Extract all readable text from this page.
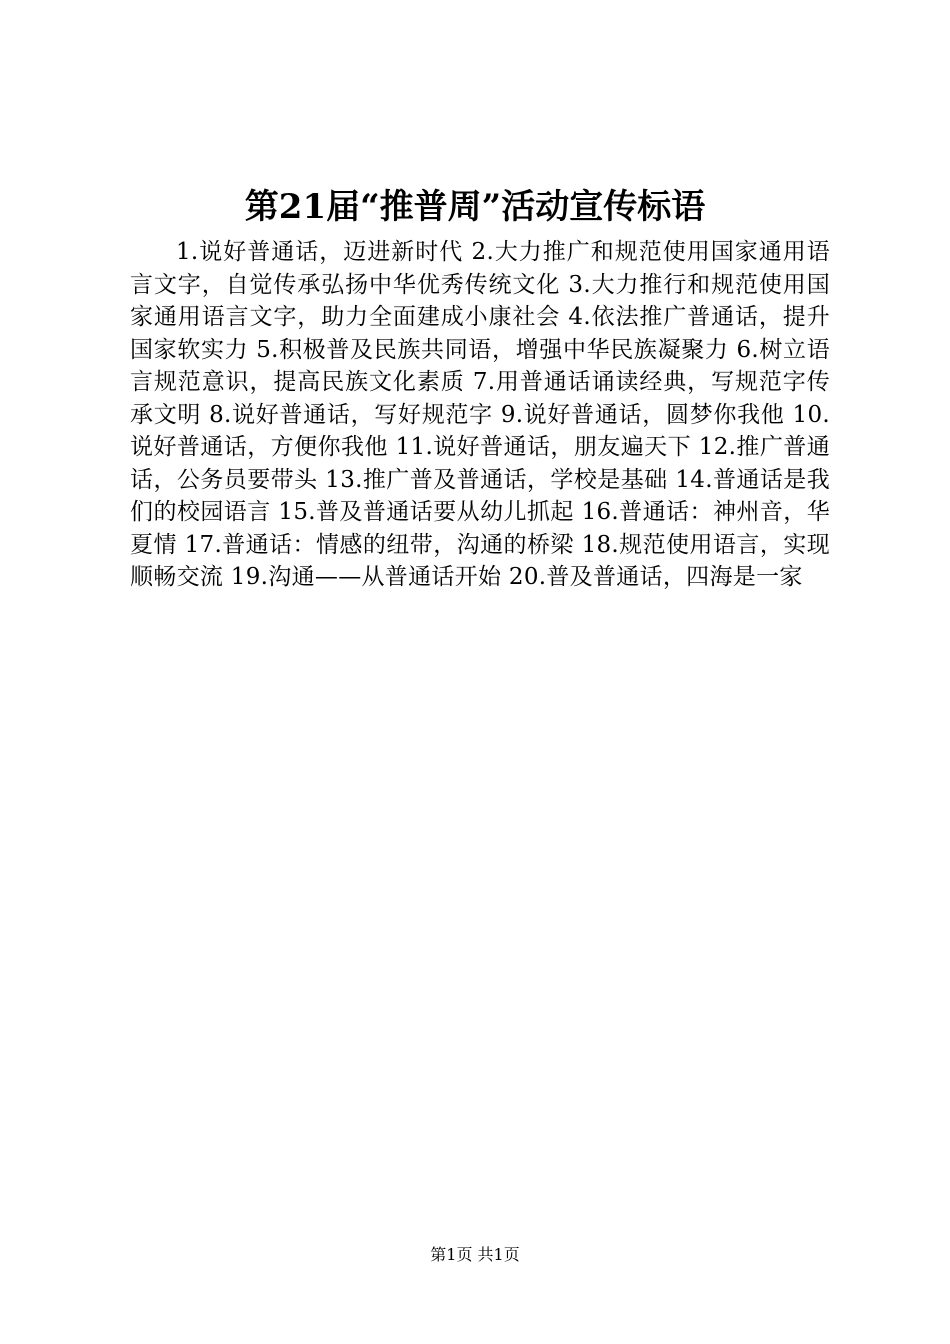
第21届“推普周”活动宣传标语

1.说好普通话，迈进新时代 2.大力推广和规范使用国家通用语言文字，自觉传承弘扬中华优秀传统文化 3.大力推行和规范使用国家通用语言文字，助力全面建成小康社会 4.依法推广普通话，提升国家软实力 5.积极普及民族共同语，增强中华民族凝聚力 6.树立语言规范意识，提高民族文化素质 7.用普通话诵读经典，写规范字传承文明 8.说好普通话，写好规范字 9.说好普通话，圆梦你我他 10.说好普通话，方便你我他 11.说好普通话，朋友遍天下 12.推广普通话，公务员要带头 13.推广普及普通话，学校是基础 14.普通话是我们的校园语言 15.普及普通话要从幼儿抓起 16.普通话：神州音，华夏情 17.普通话：情感的纽带，沟通的桥梁 18.规范使用语言，实现顺畅交流 19.沟通——从普通话开始 20.普及普通话，四海是一家

第1页 共1页
